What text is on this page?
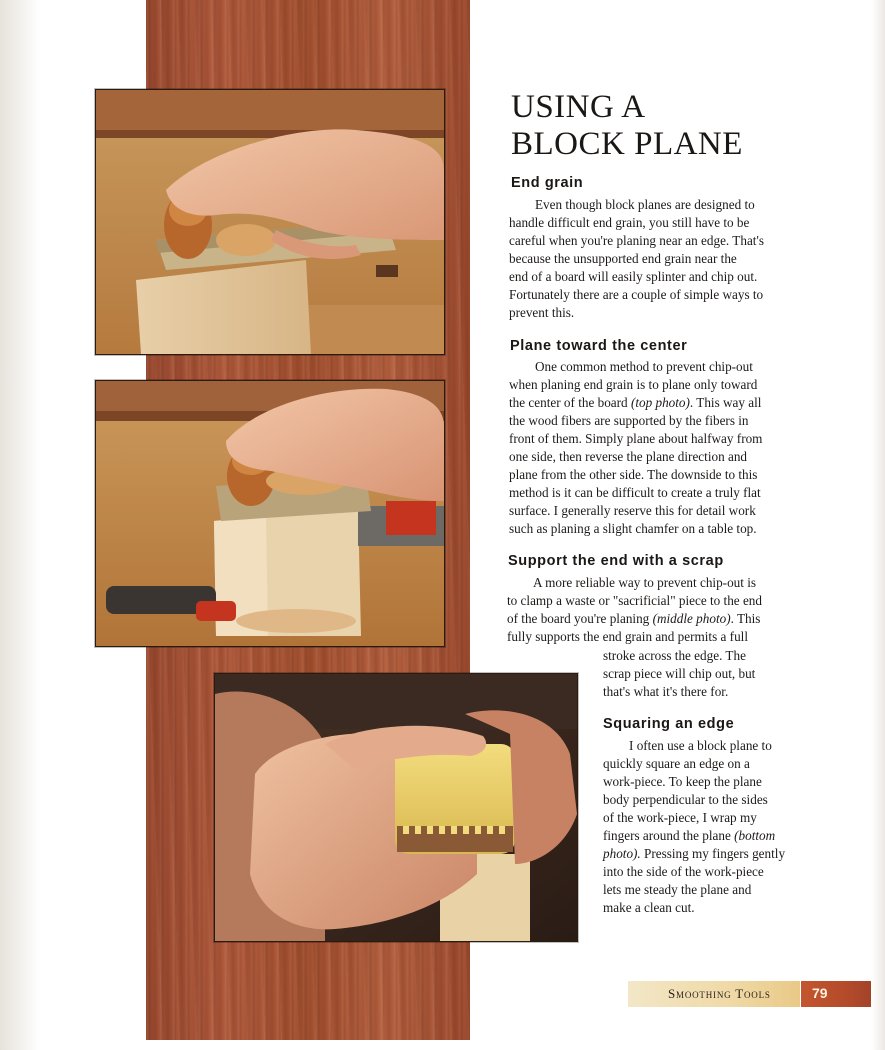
USING A
BLOCK PLANE
End grain

Even though block planes are designed to
handle difficult end grain, you still have to be
careful when you're planing near an edge. That's
because the unsupported end grain near the
end of a board will easily splinter and chip out.
Fortunately there are a couple of simple ways to
prevent this.

Plane toward the center

One common method to prevent chip-out
when planing end grain is to plane only toward
the center of the board (top photo). This way all
the wood fibers are supported by the fibers in
front of them. Simply plane about halfway from
one side, then reverse the plane direction and
plane from the other side. The downside to this
method is it can be difficult to create a truly flat
surface. I generally reserve this for detail work
such as planing a slight chamfer on a table top.

Support the end with a scrap

A more reliable way to prevent chip-out is
to clamp a waste or "sacrificial" piece to the end
of the board you're planing (middle photo). This
fully supports the end grain and permits a full

stroke across the edge. The
scrap piece will chip out, but
that's what it's there for.

Squaring an edge

I often use a block plane to
quickly square an edge on a
work-piece. To keep the plane
body perpendicular to the sides
of the work-piece, I wrap my
fingers around the plane (bottom
photo). Pressing my fingers gently
into the side of the work-piece
lets me steady the plane and
make a clean cut.

Smoothing Tools	79
